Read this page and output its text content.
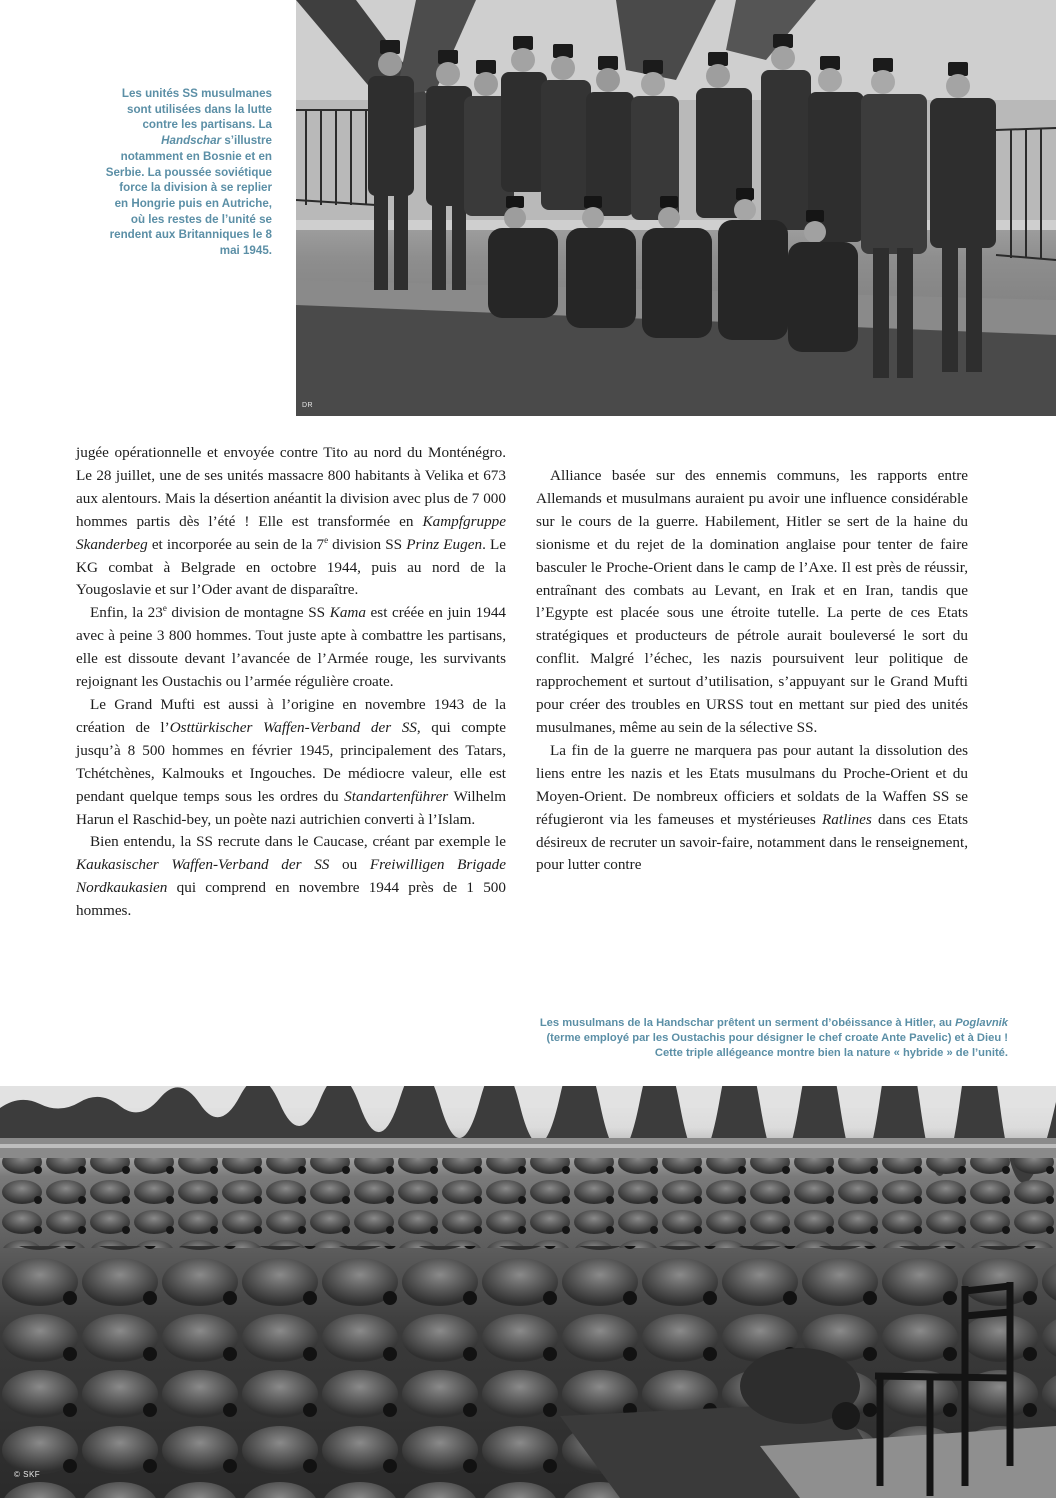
DR
Les unités SS musulmanes sont utilisées dans la lutte contre les partisans. La Handschar s’illustre notamment en Bosnie et en Serbie. La poussée soviétique force la division à se replier en Hongrie puis en Autriche, où les restes de l’unité se rendent aux Britanniques le 8 mai 1945.

jugée opérationnelle et envoyée contre Tito au nord du Monténégro. Le 28 juillet, une de ses unités massacre 800 habitants à Velika et 673 aux alentours. Mais la désertion anéantit la division avec plus de 7 000 hommes partis dès l’été ! Elle est transformée en Kampfgruppe Skanderbeg et incorporée au sein de la 7e division SS Prinz Eugen. Le KG combat à Belgrade en octobre 1944, puis au nord de la Yougoslavie et sur l’Oder avant de disparaître.

Enfin, la 23e division de montagne SS Kama est créée en juin 1944 avec à peine 3 800 hommes. Tout juste apte à combattre les partisans, elle est dissoute devant l’avancée de l’Armée rouge, les survivants rejoignant les Oustachis ou l’armée régulière croate.

Le Grand Mufti est aussi à l’origine en novembre 1943 de la création de l’Osttürkischer Waffen-Verband der SS, qui compte jusqu’à 8 500 hommes en février 1945, principalement des Tatars, Tchétchènes, Kalmouks et Ingouches. De médiocre valeur, elle est pendant quelque temps sous les ordres du Standartenführer Wilhelm Harun el Raschid-bey, un poète nazi autrichien converti à l’Islam.

Bien entendu, la SS recrute dans le Caucase, créant par exemple le Kaukasischer Waffen-Verband der SS ou Freiwilligen Brigade Nordkaukasien qui comprend en novembre 1944 près de 1 500 hommes.

Alliance basée sur des ennemis communs, les rapports entre Allemands et musulmans auraient pu avoir une influence considérable sur le cours de la guerre. Habilement, Hitler se sert de la haine du sionisme et du rejet de la domination anglaise pour tenter de faire basculer le Proche-Orient dans le camp de l’Axe. Il est près de réussir, entraînant des combats au Levant, en Irak et en Iran, tandis que l’Egypte est placée sous une étroite tutelle. La perte de ces Etats stratégiques et producteurs de pétrole aurait bouleversé le sort du conflit. Malgré l’échec, les nazis poursuivent leur politique de rapprochement et surtout d’utilisation, s’appuyant sur le Grand Mufti pour créer des troubles en URSS tout en mettant sur pied des unités musulmanes, même au sein de la sélective SS.

La fin de la guerre ne marquera pas pour autant la dissolution des liens entre les nazis et les Etats musulmans du Proche-Orient et du Moyen-Orient. De nombreux officiers et soldats de la Waffen SS se réfugieront via les fameuses et mystérieuses Ratlines dans ces Etats désireux de recruter un savoir-faire, notamment dans le renseignement, pour lutter contre

Les musulmans de la Handschar prêtent un serment d’obéissance à Hitler, au Poglavnik (terme employé par les Oustachis pour désigner le chef croate Ante Pavelic) et à Dieu ! Cette triple allégeance montre bien la nature « hybride » de l’unité.
© SKF
